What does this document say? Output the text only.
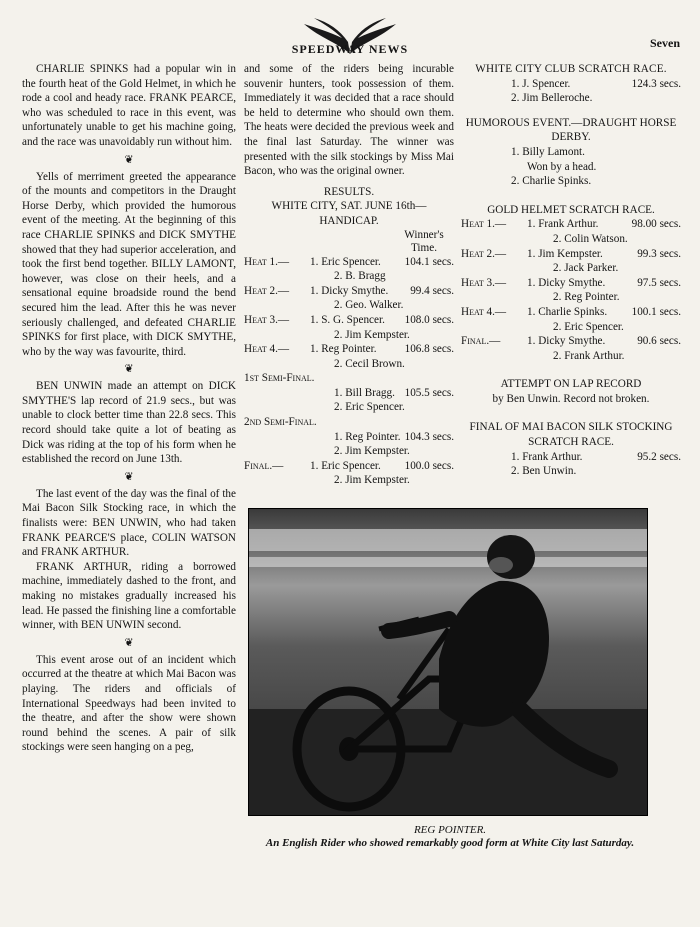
SPEEDWAY NEWS	Seven

CHARLIE SPINKS had a popular win in the fourth heat of the Gold Helmet, in which he rode a cool and heady race. FRANK PEARCE, who was scheduled to race in this event, was unfortunately unable to get his machine going, and the race was unavoidably run without him.

❦

Yells of merriment greeted the appearance of the mounts and competitors in the Draught Horse Derby, which provided the humorous event of the meeting. At the beginning of this race CHARLIE SPINKS and DICK SMYTHE showed that they had superior acceleration, and took the first bend together. BILLY LAMONT, however, was close on their heels, and a sensational equine broadside round the bend secured him the lead. After this he was never seriously challenged, and defeated CHARLIE SPINKS for first place, with DICK SMYTHE, who by the way was favourite, third.

❦

BEN UNWIN made an attempt on DICK SMYTHE'S lap record of 21.9 secs., but was unable to clock better time than 22.8 secs. This record should take quite a lot of beating as Dick was riding at the top of his form when he established the record on June 13th.

❦

The last event of the day was the final of the Mai Bacon Silk Stocking race, in which the finalists were: BEN UNWIN, who had taken FRANK PEARCE'S place, COLIN WATSON and FRANK ARTHUR.

FRANK ARTHUR, riding a borrowed machine, immediately dashed to the front, and making no mistakes gradually increased his lead. He passed the finishing line a comfortable winner, with BEN UNWIN second.

❦

This event arose out of an incident which occurred at the theatre at which Mai Bacon was playing. The riders and officials of International Speedways had been invited to the theatre, and after the show were shown round behind the scenes. A pair of silk stockings were seen hanging on a peg,

and some of the riders being incurable souvenir hunters, took possession of them. Immediately it was decided that a race should be held to determine who should own them. The heats were decided the previous week and the final last Saturday. The winner was presented with the silk stockings by Miss Mai Bacon, who was the original owner.

RESULTS.

WHITE CITY, SAT. JUNE 16th—

HANDICAP.

Winner's Time.
Heat 1.—	1. Eric Spencer.	104.1 secs.
2. B. Bragg
Heat 2.—	1. Dicky Smythe.	99.4 secs.
2. Geo. Walker.
Heat 3.—	1. S. G. Spencer.	108.0 secs.
2. Jim Kempster.
Heat 4.—	1. Reg Pointer.	106.8 secs.
2. Cecil Brown.
1st Semi-Final.
1. Bill Bragg. 105.5 secs.
2. Eric Spencer.
2nd Semi-Final.
1. Reg Pointer. 104.3 secs.
2. Jim Kempster.
Final.—	1. Eric Spencer.	100.0 secs.
2. Jim Kempster.

WHITE CITY CLUB SCRATCH RACE.

1. J. Spencer.	124.3 secs.
2. Jim Belleroche.

HUMOROUS EVENT.—DRAUGHT HORSE DERBY.

1. Billy Lamont.
Won by a head.
2. Charlie Spinks.

GOLD HELMET SCRATCH RACE.

Heat 1.—	1. Frank Arthur.	98.00 secs.
2. Colin Watson.
Heat 2.—	1. Jim Kempster.	99.3 secs.
2. Jack Parker.
Heat 3.—	1. Dicky Smythe.	97.5 secs.
2. Reg Pointer.
Heat 4.—	1. Charlie Spinks.	100.1 secs.
2. Eric Spencer.
Final.—	1. Dicky Smythe.	90.6 secs.
2. Frank Arthur.

ATTEMPT ON LAP RECORD

by Ben Unwin. Record not broken.

FINAL OF MAI BACON SILK STOCKING SCRATCH RACE.

1. Frank Arthur.	95.2 secs.
2. Ben Unwin.
REG POINTER.
An English Rider who showed remarkably good form at White City last Saturday.
